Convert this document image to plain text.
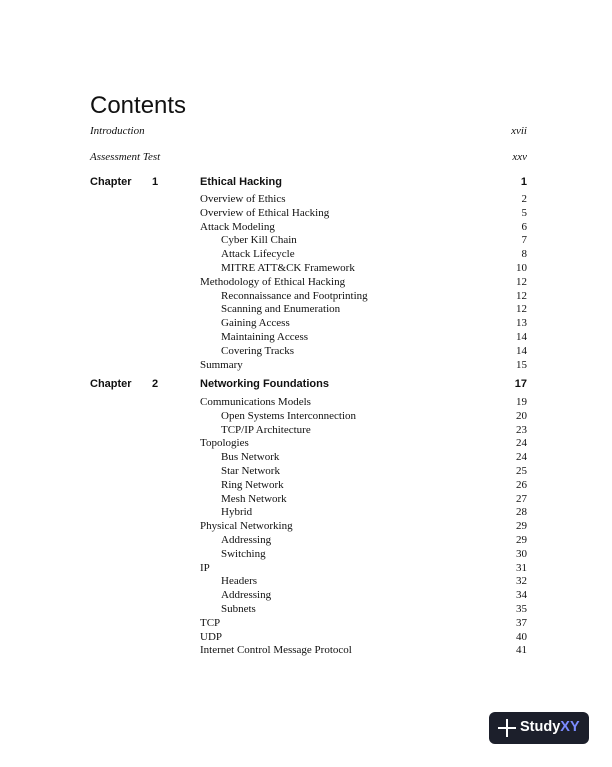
Contents
Introduction	xvii
Assessment Test	xxv
Chapter 1	Ethical Hacking	1
Overview of Ethics	2
Overview of Ethical Hacking	5
Attack Modeling	6
Cyber Kill Chain	7
Attack Lifecycle	8
MITRE ATT&CK Framework	10
Methodology of Ethical Hacking	12
Reconnaissance and Footprinting	12
Scanning and Enumeration	12
Gaining Access	13
Maintaining Access	14
Covering Tracks	14
Summary	15
Chapter 2	Networking Foundations	17
Communications Models	19
Open Systems Interconnection	20
TCP/IP Architecture	23
Topologies	24
Bus Network	24
Star Network	25
Ring Network	26
Mesh Network	27
Hybrid	28
Physical Networking	29
Addressing	29
Switching	30
IP	31
Headers	32
Addressing	34
Subnets	35
TCP	37
UDP	40
Internet Control Message Protocol	41
StudyXY
